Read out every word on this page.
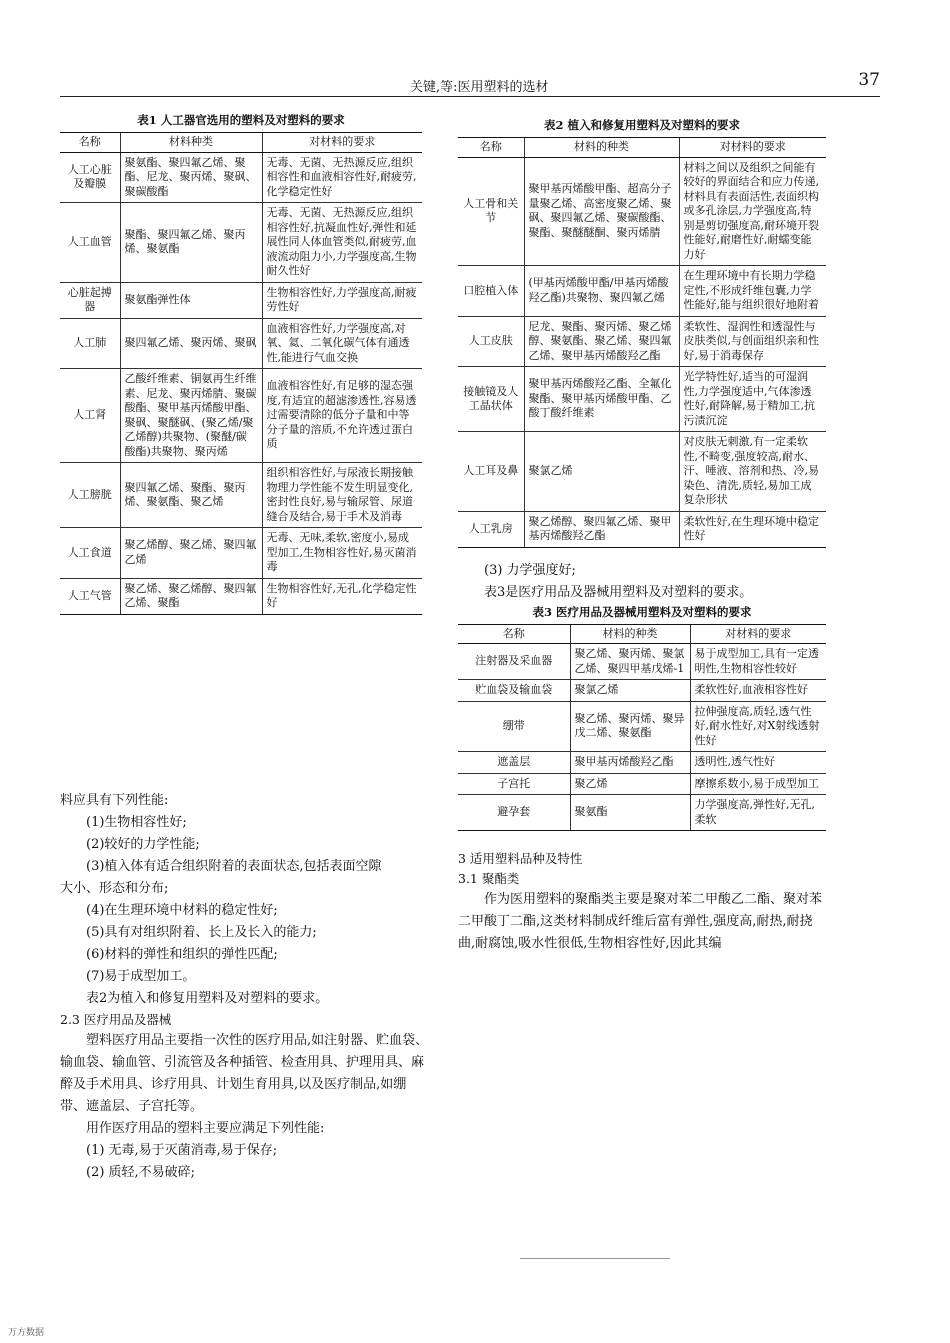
关键,等:医用塑料的选材	37
表1 人工器官选用的塑料及对塑料的要求
名称	材料种类	对材料的要求
人工心脏及瓣膜	聚氨酯、聚四氟乙烯、聚酯、尼龙、聚丙烯、聚砜、聚碳酸酯	无毒、无菌、无热源反应,组织相容性和血液相容性好,耐疲劳,化学稳定性好
人工血管	聚酯、聚四氟乙烯、聚丙烯、聚氨酯	无毒、无菌、无热源反应,组织相容性好,抗凝血性好,弹性和延展性同人体血管类似,耐疲劳,血液流动阻力小,力学强度高,生物耐久性好
心脏起搏器	聚氨酯弹性体	生物相容性好,力学强度高,耐疲劳性好
人工肺	聚四氟乙烯、聚丙烯、聚砜	血液相容性好,力学强度高,对氧、氦、二氧化碳气体有通透性,能进行气血交换
人工肾	乙酸纤维素、铜氨再生纤维素、尼龙、聚丙烯腈、聚碳酸酯、聚甲基丙烯酸甲酯、聚砜、聚醚砜、(聚乙烯/聚乙烯醇)共聚物、(聚醚/碳酸酯)共聚物、聚丙烯	血液相容性好,有足够的湿态强度,有适宜的超滤渗透性,容易透过需要清除的低分子量和中等分子量的溶质,不允许透过蛋白质
人工膀胱	聚四氟乙烯、聚酯、聚丙烯、聚氨酯、聚乙烯	组织相容性好,与尿液长期接触物理力学性能不发生明显变化,密封性良好,易与输尿管、尿道缝合及结合,易于手术及消毒
人工食道	聚乙烯醇、聚乙烯、聚四氟乙烯	无毒、无味,柔软,密度小,易成型加工,生物相容性好,易灭菌消毒
人工气管	聚乙烯、聚乙烯醇、聚四氟乙烯、聚酯	生物相容性好,无孔,化学稳定性好

料应具有下列性能:

(1)生物相容性好;

(2)较好的力学性能;

(3)植入体有适合组织附着的表面状态,包括表面空隙

大小、形态和分布;

(4)在生理环境中材料的稳定性好;

(5)具有对组织附着、长上及长入的能力;

(6)材料的弹性和组织的弹性匹配;

(7)易于成型加工。

表2为植入和修复用塑料及对塑料的要求。

2.3 医疗用品及器械

塑料医疗用品主要指一次性的医疗用品,如注射器、贮血袋、输血袋、输血管、引流管及各种插管、检查用具、护理用具、麻醉及手术用具、诊疗用具、计划生育用具,以及医疗制品,如绷带、遮盖层、子宫托等。

用作医疗用品的塑料主要应满足下列性能:

(1) 无毒,易于灭菌消毒,易于保存;

(2) 质轻,不易破碎;

表2 植入和修复用塑料及对塑料的要求
名称	材料的种类	对材料的要求
人工骨和关节	聚甲基丙烯酸甲酯、超高分子量聚乙烯、高密度聚乙烯、聚砜、聚四氟乙烯、聚碳酸酯、聚酯、聚醚醚酮、聚丙烯腈	材料之间以及组织之间能有较好的界面结合和应力传递,材料具有表面活性,表面织构或多孔涂层,力学强度高,特别是剪切强度高,耐环境开裂性能好,耐磨性好,耐蠕变能力好
口腔植入体	(甲基丙烯酸甲酯/甲基丙烯酸羟乙酯)共聚物、聚四氟乙烯	在生理环境中有长期力学稳定性,不形成纤维包囊,力学性能好,能与组织很好地附着
人工皮肤	尼龙、聚酯、聚丙烯、聚乙烯醇、聚氨酯、聚乙烯、聚四氟乙烯、聚甲基丙烯酸羟乙酯	柔软性、湿润性和透湿性与皮肤类似,与创面组织亲和性好,易于消毒保存
接触镜及人工晶状体	聚甲基丙烯酸羟乙酯、全氟化聚酯、聚甲基丙烯酸甲酯、乙酸丁酸纤维素	光学特性好,适当的可湿润性,力学强度适中,气体渗透性好,耐降解,易于精加工,抗污渍沉淀
人工耳及鼻	聚氯乙烯	对皮肤无刺激,有一定柔软性,不畸变,强度较高,耐水、汗、唾液、溶剂和热、冷,易染色、清洗,质轻,易加工成复杂形状
人工乳房	聚乙烯醇、聚四氟乙烯、聚甲基丙烯酸羟乙酯	柔软性好,在生理环境中稳定性好

(3) 力学强度好;

表3是医疗用品及器械用塑料及对塑料的要求。

表3 医疗用品及器械用塑料及对塑料的要求
名称	材料的种类	对材料的要求
注射器及采血器	聚乙烯、聚丙烯、聚氯乙烯、聚四甲基戊烯-1	易于成型加工,具有一定透明性,生物相容性较好
贮血袋及输血袋	聚氯乙烯	柔软性好,血液相容性好
绷带	聚乙烯、聚丙烯、聚异戊二烯、聚氨酯	拉伸强度高,质轻,透气性好,耐水性好,对X射线透射性好
遮盖层	聚甲基丙烯酸羟乙酯	透明性,透气性好
子宫托	聚乙烯	摩擦系数小,易于成型加工
避孕套	聚氨酯	力学强度高,弹性好,无孔,柔软

3 适用塑料品种及特性

3.1 聚酯类

作为医用塑料的聚酯类主要是聚对苯二甲酸乙二酯、聚对苯二甲酸丁二酯,这类材料制成纤维后富有弹性,强度高,耐热,耐挠曲,耐腐蚀,吸水性很低,生物相容性好,因此其编

万方数据
